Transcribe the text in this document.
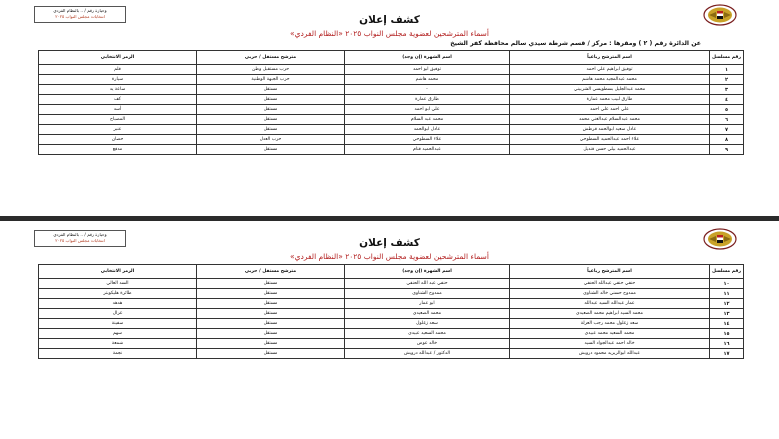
وحيازة رقم / .. بالنظام الفردي
انتخابات مجلس النواب ٢٠٢٥	كشف إعلان
أسماء المترشحين لعضوية مجلس النواب ٢٠٢٥ «النظام الفردي»
عن الدائرة رقم ( ٢ ) ومقرها : مركز / قسم شرطة سيدي سالم محافظة كفر الشيخ
رقم مسلسل	اسم المترشح رباعياً	اسم الشهرة (إن وجد)	مترشح مستقل / حزبي	الرمز الانتخابي
١	توفيق ابراهيم علي احمد	توفيق ابو احمد	حزب مستقبل وطن	قلم
٢	محمد عبدالمجيد محمد هاشم	محمد هاشم	حزب الجبهة الوطنية	سيارة
٣	محمد عبدالجليل بسطويسي الشربيني	-	مستقل	ساعة يد
٤	طارق لبيب محمد عمارة	طارق عمارة	مستقل	كف
٥	علي احمد علي احمد	علي ابو احمد	مستقل	أسد
٦	محمد عبدالسلام عبدالغني محمد	محمد عبد السلام	مستقل	المصباح
٧	عادل سعيد ابوالحمد قرطش	عادل ابوالحمد	مستقل	عنبر
٨	علاء احمد عبدالحميد السطوحي	علاء السطوحي	حزب العدل	حصان
٩	عبدالحميد بيلي حسن قنديل	عبدالحميد قنام	مستقل	مدفع
وحيازة رقم / .. بالنظام الفردي
انتخابات مجلس النواب ٢٠٢٥	كشف إعلان
أسماء المترشحين لعضوية مجلس النواب ٢٠٢٥ «النظام الفردي»
رقم مسلسل	اسم المترشح رباعياً	اسم الشهرة (إن وجد)	مترشح مستقل / حزبي	الرمز الانتخابي
١٠	حنفي حنفي عبدالله الحنفي	حنفي عبد الله الحنفي	مستقل	السد العالي
١١	ممدوح حسني خالد الشناوي	ممدوح الشناوي	مستقل	طائرة هليكوبتر
١٢	عمار عبدالله السيد عبدالله	ابو عمار	مستقل	هدهد
١٣	محمد السيد ابراهيم محمد الصعيدي	محمد الصعيدي	مستقل	غزال
١٤	سعد زغلول محمد رجب العزلة	سعد زغلول	مستقل	سفينة
١٥	محمد السعيد محمد عبيدي	محمد السعيد عبيدي	مستقل	سهم
١٦	خالد احمد عبدالجواد السيد	خالد عوض	مستقل	شمعة
١٧	عبدالله ابوالريزيد محمود درويش	الدكتور / عبدالله درويش	مستقل	نجمة
